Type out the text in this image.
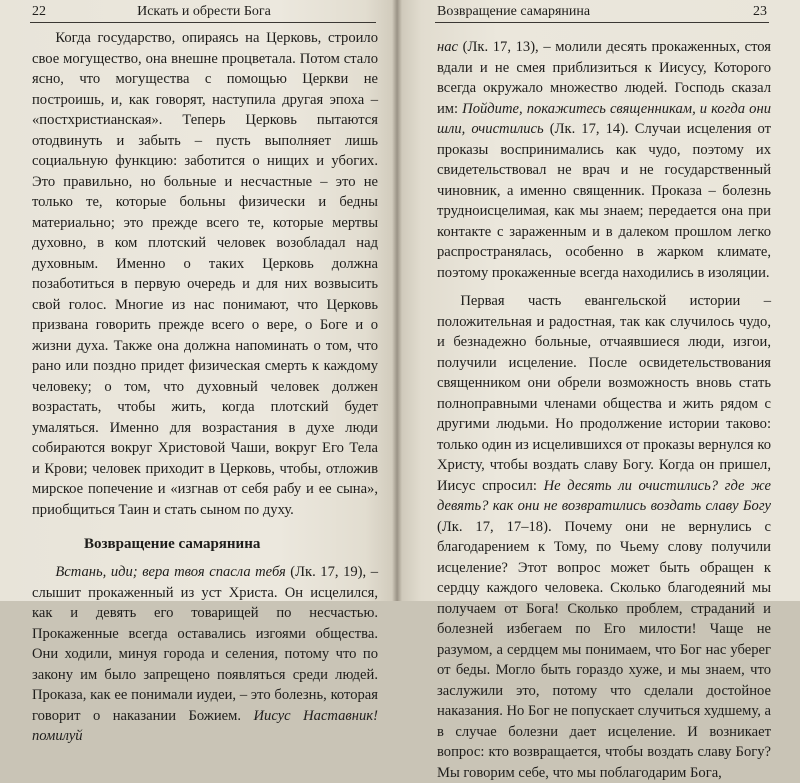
22	Искать и обрести Бога

Когда государство, опираясь на Церковь, строило свое могущество, она внешне процветала. Потом стало ясно, что могущества с помощью Церкви не построишь, и, как говорят, наступила другая эпоха – «постхристианская». Теперь Церковь пытаются отодвинуть и забыть – пусть выполняет лишь социальную функцию: заботится о нищих и убогих. Это правильно, но больные и несчастные – это не только те, которые больны физически и бедны материально; это прежде всего те, которые мертвы духовно, в ком плотский человек возобладал над духовным. Именно о таких Церковь должна позаботиться в первую очередь и для них возвысить свой голос. Многие из нас понимают, что Церковь призвана говорить прежде всего о вере, о Боге и о жизни духа. Также она должна напоминать о том, что рано или поздно придет физическая смерть к каждому человеку; о том, что духовный человек должен возрастать, чтобы жить, когда плотский будет умаляться. Именно для возрастания в духе люди собираются вокруг Христовой Чаши, вокруг Его Тела и Крови; человек приходит в Церковь, чтобы, отложив мирское попечение и «изгнав от себя рабу и ее сына», приобщиться Таин и стать сыном по духу.

Возвращение самарянина

Встань, иди; вера твоя спасла тебя (Лк. 17, 19), – слышит прокаженный из уст Христа. Он исцелился, как и девять его товарищей по несчастью. Прокаженные всегда оставались изгоями общества. Они ходили, минуя города и селения, потому что по закону им было запрещено появляться среди людей. Проказа, как ее понимали иудеи, – это болезнь, которая говорит о наказании Божием. Иисус Наставник! помилуй

Возвращение самарянина	23

нас (Лк. 17, 13), – молили десять прокаженных, стоя вдали и не смея приблизиться к Иисусу, Которого всегда окружало множество людей. Господь сказал им: Пойдите, покажитесь священникам, и когда они шли, очистились (Лк. 17, 14). Случаи исцеления от проказы воспринимались как чудо, поэтому их свидетельствовал не врач и не государственный чиновник, а именно священник. Проказа – болезнь трудноисцелимая, как мы знаем; передается она при контакте с зараженным и в далеком прошлом легко распространялась, особенно в жарком климате, поэтому прокаженные всегда находились в изоляции.

Первая часть евангельской истории – положительная и радостная, так как случилось чудо, и безнадежно больные, отчаявшиеся люди, изгои, получили исцеление. После освидетельствования священником они обрели возможность вновь стать полноправными членами общества и жить рядом с другими людьми. Но продолжение истории таково: только один из исцелившихся от проказы вернулся ко Христу, чтобы воздать славу Богу. Когда он пришел, Иисус спросил: Не десять ли очистились? где же девять? как они не возвратились воздать славу Богу (Лк. 17, 17–18). Почему они не вернулись с благодарением к Тому, по Чьему слову получили исцеление? Этот вопрос может быть обращен к сердцу каждого человека. Сколько благодеяний мы получаем от Бога! Сколько проблем, страданий и болезней избегаем по Его милости! Чаще не разумом, а сердцем мы понимаем, что Бог нас уберег от беды. Могло быть гораздо хуже, и мы знаем, что заслужили это, потому что сделали достойное наказания. Но Бог не попускает случиться худшему, а в случае болезни дает исцеление. И возникает вопрос: кто возвращается, чтобы воздать славу Богу? Мы говорим себе, что мы поблагодарим Бога,
